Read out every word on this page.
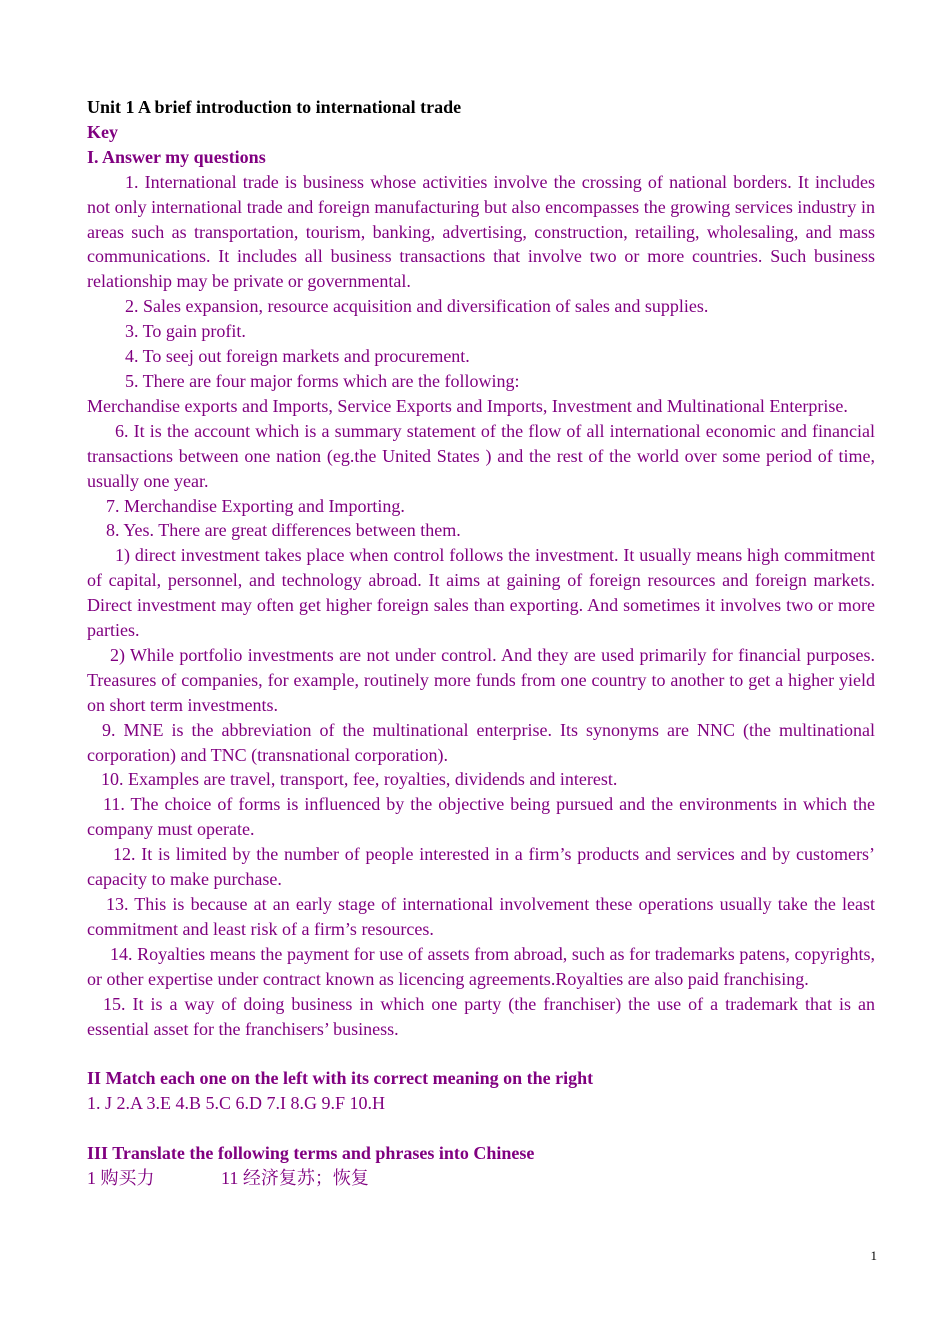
Unit 1 A brief introduction to international trade
Key
I. Answer my questions
1. International trade is business whose activities involve the crossing of national borders. It includes not only international trade and foreign manufacturing but also encompasses the growing services industry in areas such as transportation, tourism, banking, advertising, construction, retailing, wholesaling, and mass communications. It includes all business transactions that involve two or more countries. Such business relationship may be private or governmental.
2. Sales expansion, resource acquisition and diversification of sales and supplies.
3. To gain profit.
4. To seej out foreign markets and procurement.
5. There are four major forms which are the following:
Merchandise exports and Imports, Service Exports and Imports, Investment and Multinational Enterprise.
6. It is the account which is a summary statement of the flow of all international economic and financial transactions between one nation (eg.the United States ) and the rest of the world over some period of time, usually one year.
7. Merchandise Exporting and Importing.
8. Yes. There are great differences between them.
1) direct investment takes place when control follows the investment. It usually means high commitment of capital, personnel, and technology abroad. It aims at gaining of foreign resources and foreign markets. Direct investment may often get higher foreign sales than exporting. And sometimes it involves two or more parties.
2) While portfolio investments are not under control. And they are used primarily for financial purposes. Treasures of companies, for example, routinely more funds from one country to another to get a higher yield on short term investments.
9. MNE is the abbreviation of the multinational enterprise. Its synonyms are NNC (the multinational corporation) and TNC (transnational corporation).
10. Examples are travel, transport, fee, royalties, dividends and interest.
11. The choice of forms is influenced by the objective being pursued and the environments in which the company must operate.
12. It is limited by the number of people interested in a firm’s products and services and by customers’ capacity to make purchase.
13. This is because at an early stage of international involvement these operations usually take the least commitment and least risk of a firm’s resources.
14. Royalties means the payment for use of assets from abroad, such as for trademarks patens, copyrights, or other expertise under contract known as licencing agreements.Royalties are also paid franchising.
15. It is a way of doing business in which one party (the franchiser) the use of a trademark that is an essential asset for the franchisers’ business.
II Match each one on the left with its correct meaning on the right
1. J 2.A 3.E 4.B 5.C 6.D 7.I 8.G 9.F 10.H
III Translate the following terms and phrases into Chinese
1 购买力	11 经济复苏；恢复
1
